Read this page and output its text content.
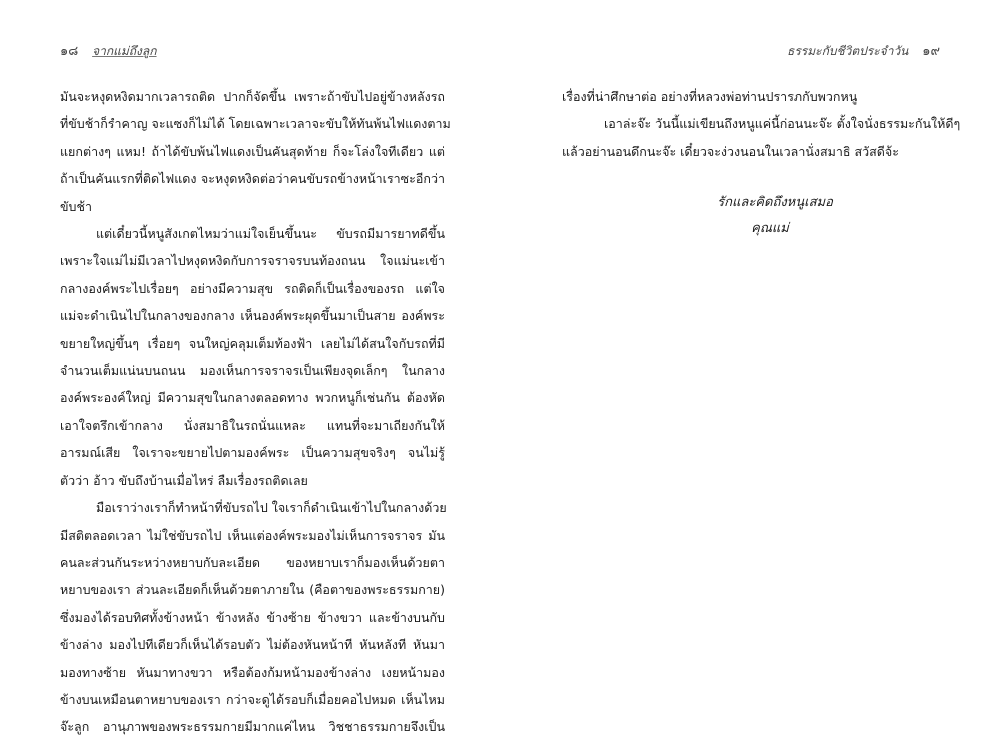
๑๘ จากแม่ถึงลูก
มันจะหงุดหงิดมากเวลารถติด ปากก็จัดขึ้น เพราะถ้าขับไปอยู่ข้างหลังรถ
ที่ขับช้าก็รำคาญ จะแซงก็ไม่ได้ โดยเฉพาะเวลาจะขับให้ทันพ้นไฟแดงตาม
แยกต่างๆ แหม! ถ้าได้ขับพ้นไฟแดงเป็นคันสุดท้าย ก็จะโล่งใจทีเดียว แต่
ถ้าเป็นคันแรกที่ติดไฟแดง จะหงุดหงิดต่อว่าคนขับรถข้างหน้าเราซะอีกว่า
ขับช้า
แต่เดี๋ยวนี้หนูสังเกตไหมว่าแม่ใจเย็นขึ้นนะ ขับรถมีมารยาทดีขึ้น
เพราะใจแม่ไม่มีเวลาไปหงุดหงิดกับการจราจรบนท้องถนน ใจแม่นะเข้า
กลางองค์พระไปเรื่อยๆ อย่างมีความสุข รถติดก็เป็นเรื่องของรถ แต่ใจ
แม่จะดำเนินไปในกลางของกลาง เห็นองค์พระผุดขึ้นมาเป็นสาย องค์พระ
ขยายใหญ่ขึ้นๆ เรื่อยๆ จนใหญ่คลุมเต็มท้องฟ้า เลยไม่ได้สนใจกับรถที่มี
จำนวนเต็มแน่นบนถนน มองเห็นการจราจรเป็นเพียงจุดเล็กๆ ในกลาง
องค์พระองค์ใหญ่ มีความสุขในกลางตลอดทาง พวกหนูก็เช่นกัน ต้องหัด
เอาใจตรึกเข้ากลาง นั่งสมาธิในรถนั่นแหละ แทนที่จะมาเถียงกันให้
อารมณ์เสีย ใจเราจะขยายไปตามองค์พระ เป็นความสุขจริงๆ จนไม่รู้
ตัวว่า อ้าว ขับถึงบ้านเมื่อไหร่ ลืมเรื่องรถติดเลย
มือเราว่างเราก็ทำหน้าที่ขับรถไป ใจเราก็ดำเนินเข้าไปในกลางด้วย
มีสติตลอดเวลา ไม่ใช่ขับรถไป เห็นแต่องค์พระมองไม่เห็นการจราจร มัน
คนละส่วนกันระหว่างหยาบกับละเอียด ของหยาบเราก็มองเห็นด้วยตา
หยาบของเรา ส่วนละเอียดก็เห็นด้วยตาภายใน (คือตาของพระธรรมกาย)
ซึ่งมองได้รอบทิศทั้งข้างหน้า ข้างหลัง ข้างซ้าย ข้างขวา และข้างบนกับ
ข้างล่าง มองไปทีเดียวก็เห็นได้รอบตัว ไม่ต้องหันหน้าที หันหลังที หันมา
มองทางซ้าย หันมาทางขวา หรือต้องก้มหน้ามองข้างล่าง เงยหน้ามอง
ข้างบนเหมือนตาหยาบของเรา กว่าจะดูได้รอบก็เมื่อยคอไปหมด เห็นไหม
จ๊ะลูก อานุภาพของพระธรรมกายมีมากแค่ไหน วิชชาธรรมกายจึงเป็น
ธรรมะกับชีวิตประจำวัน ๑๙
เรื่องที่น่าศึกษาต่อ อย่างที่หลวงพ่อท่านปรารภกับพวกหนู
เอาล่ะจ๊ะ วันนี้แม่เขียนถึงหนูแค่นี้ก่อนนะจ๊ะ ตั้งใจนั่งธรรมะกันให้ดีๆ
แล้วอย่านอนดึกนะจ๊ะ เดี๋ยวจะง่วงนอนในเวลานั่งสมาธิ สวัสดีจ้ะ
รักและคิดถึงหนูเสมอ
คุณแม่
